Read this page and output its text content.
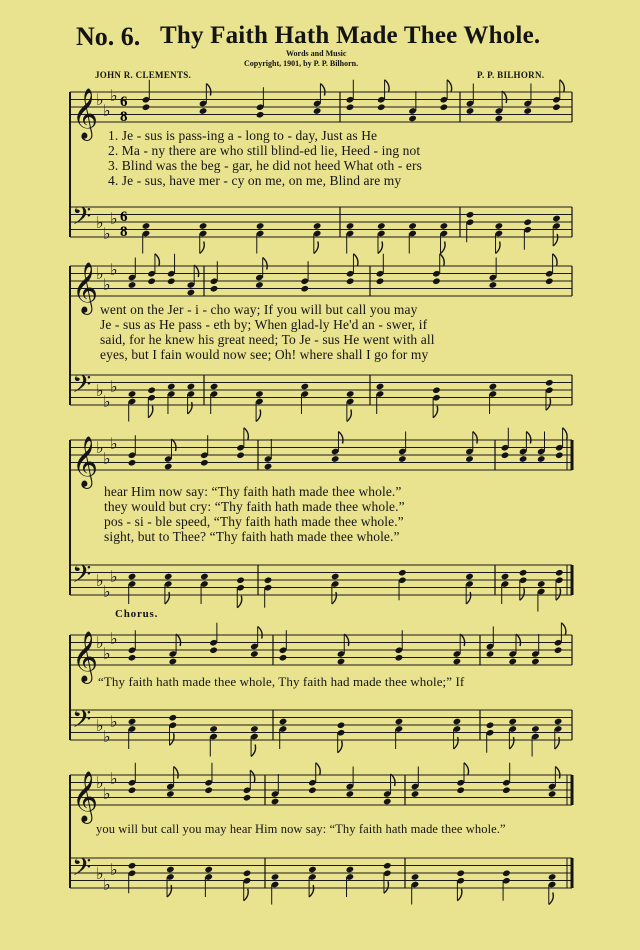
No. 6. Thy Faith Hath Made Thee Whole.
Words and Music
Copyright, 1901, by P. P. Bilhorn.
JOHN R. CLEMENTS.	P. P. BILHORN.
𝄞
♭
♭
♭ 6
8
𝄢 ♭
♭
♭ 6
8
𝄞
♭
♭
♭
𝄢 ♭
♭
♭
𝄞
♭
♭
♭
𝄢 ♭
♭
♭
𝄞
♭
♭
♭
𝄢 ♭
♭
♭
𝄞
♭
♭
♭
𝄢 ♭
♭
♭
1. Je - sus is pass-ing a - long to - day, Just as He
2. Ma - ny there are who still blind-ed lie, Heed - ing not
3. Blind was the beg - gar, he did not heed What oth - ers
4. Je - sus, have mer - cy on me, on me, Blind are my
went on the Jer - i - cho way; If you will but call you may
Je - sus as He pass - eth by; When glad-ly He'd an - swer, if
said, for he knew his great need; To Je - sus He went with all
eyes, but I fain would now see; Oh! where shall I go for my
hear Him now say: “Thy faith hath made thee whole.”
they would but cry: “Thy faith hath made thee whole.”
pos - si - ble speed, “Thy faith hath made thee whole.”
sight, but to Thee? “Thy faith hath made thee whole.”
Chorus.
“Thy faith hath made thee whole, Thy faith had made thee whole;” If
you will but call you may hear Him now say: “Thy faith hath made thee whole.”
